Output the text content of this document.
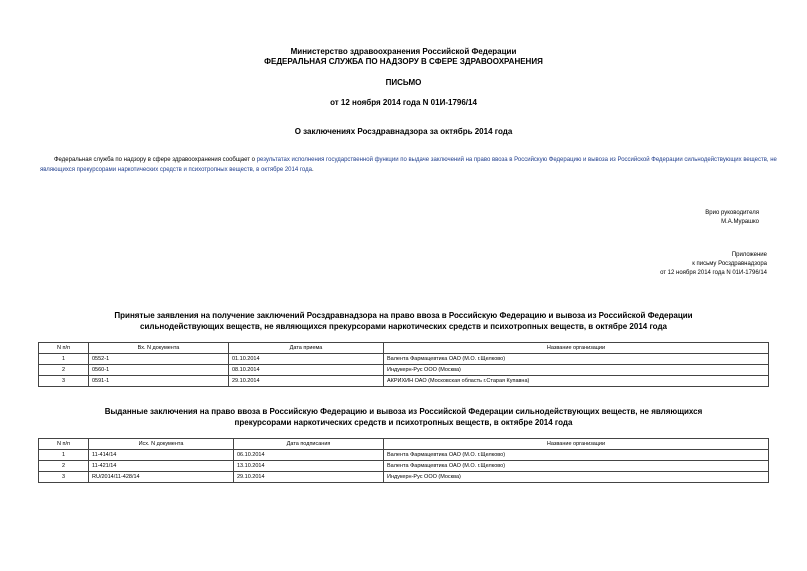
Министерство здравоохранения Российской Федерации
ФЕДЕРАЛЬНАЯ СЛУЖБА ПО НАДЗОРУ В СФЕРЕ ЗДРАВООХРАНЕНИЯ
ПИСЬМО
от 12 ноября 2014 года N 01И-1796/14
О заключениях Росздравнадзора за октябрь 2014 года
Федеральная служба по надзору в сфере здравоохранения сообщает о результатах исполнения государственной функции по выдаче заключений на право ввоза в Российскую Федерацию и вывоза из Российской Федерации сильнодействующих веществ, не являющихся прекурсорами наркотических средств и психотропных веществ, в октябре 2014 года.
Врио руководителя
М.А.Мурашко
Приложение
к письму Росздравнадзора
от 12 ноября 2014 года N 01И-1796/14
Принятые заявления на получение заключений Росздравнадзора на право ввоза в Российскую Федерацию и вывоза из Российской Федерации
сильнодействующих веществ, не являющихся прекурсорами наркотических средств и психотропных веществ, в октябре 2014 года
N п/п	Вх. N документа	Дата приема	Название организации
1	0552-1	01.10.2014	Валента Фармацевтика ОАО (М.О. г.Щелково)
2	0560-1	08.10.2014	Индукерн-Рус ООО (Москва)
3	0591-1	29.10.2014	АКРИХИН ОАО (Московская область г.Старая Купавна)
Выданные заключения на право ввоза в Российскую Федерацию и вывоза из Российской Федерации сильнодействующих веществ, не являющихся
прекурсорами наркотических средств и психотропных веществ, в октябре 2014 года
N п/п	Исх. N документа	Дата подписания	Название организации
1	11-414/14	06.10.2014	Валента Фармацевтика ОАО (М.О. г.Щелково)
2	11-421/14	13.10.2014	Валента Фармацевтика ОАО (М.О. г.Щелково)
3	RU/2014/11-428/14	29.10.2014	Индукерн-Рус ООО (Москва)
